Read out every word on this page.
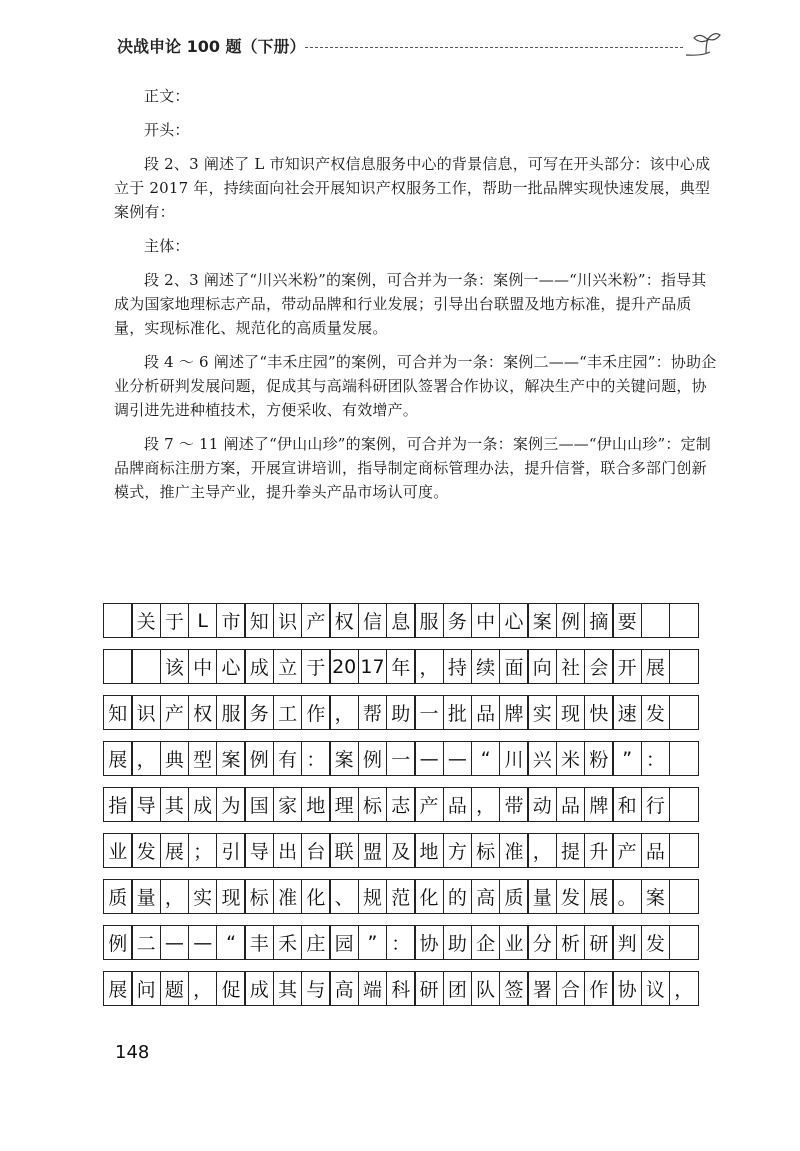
决战申论 100 题（下册）

正文：

开头：

段 2、3 阐述了 L 市知识产权信息服务中心的背景信息，可写在开头部分：该中心成立于 2017 年，持续面向社会开展知识产权服务工作，帮助一批品牌实现快速发展，典型案例有：

主体：

段 2、3 阐述了“川兴米粉”的案例，可合并为一条：案例一——“川兴米粉”：指导其成为国家地理标志产品，带动品牌和行业发展；引导出台联盟及地方标准，提升产品质量，实现标准化、规范化的高质量发展。

段 4 ～ 6 阐述了“丰禾庄园”的案例，可合并为一条：案例二——“丰禾庄园”：协助企业分析研判发展问题，促成其与高端科研团队签署合作协议，解决生产中的关键问题，协调引进先进种植技术，方便采收、有效增产。

段 7 ～ 11 阐述了“伊山山珍”的案例，可合并为一条：案例三——“伊山山珍”：定制品牌商标注册方案，开展宣讲培训，指导制定商标管理办法，提升信誉，联合多部门创新模式，推广主导产业，提升拳头产品市场认可度。

关 于 L 市 知 识 产 权 信 息 服 务 中 心 案 例 摘 要
该 中 心 成 立 于 20 17 年 ， 持 续 面 向 社 会 开 展
知 识 产 权 服 务 工 作 ， 帮 助 一 批 品 牌 实 现 快 速 发
展 ， 典 型 案 例 有 ： 案 例 一 — — “ 川 兴 米 粉 ” ：
指 导 其 成 为 国 家 地 理 标 志 产 品 ， 带 动 品 牌 和 行
业 发 展 ； 引 导 出 台 联 盟 及 地 方 标 准 ， 提 升 产 品
质 量 ， 实 现 标 准 化 、 规 范 化 的 高 质 量 发 展 。 案
例 二 — — “ 丰 禾 庄 园 ” ： 协 助 企 业 分 析 研 判 发
展 问 题 ， 促 成 其 与 高 端 科 研 团 队 签 署 合 作 协 议 ，
148
